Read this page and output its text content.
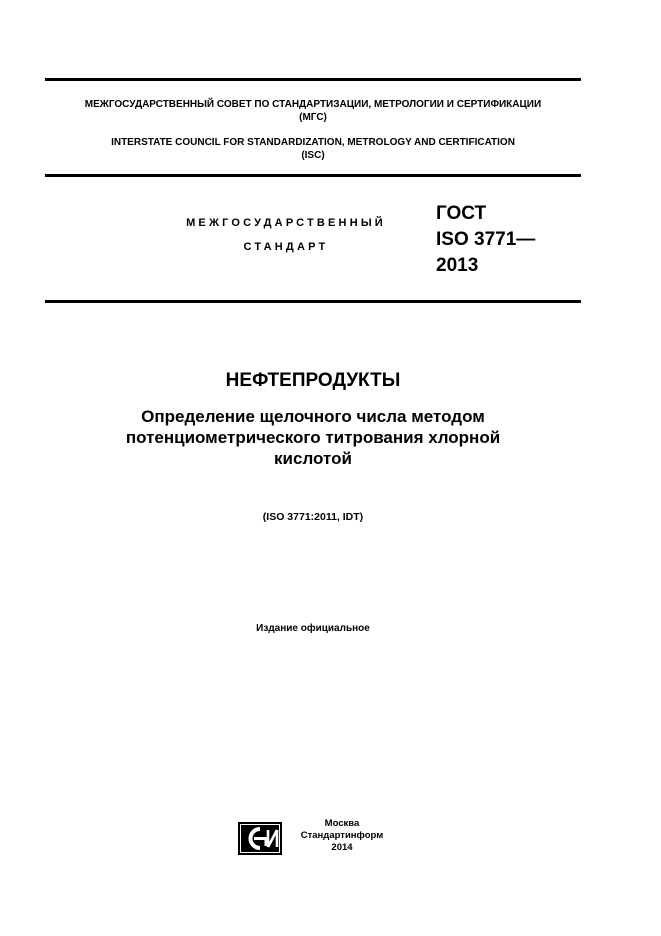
МЕЖГОСУДАРСТВЕННЫЙ СОВЕТ ПО СТАНДАРТИЗАЦИИ, МЕТРОЛОГИИ И СЕРТИФИКАЦИИ
(МГС)
INTERSTATE COUNCIL FOR STANDARDIZATION, METROLOGY AND CERTIFICATION
(ISC)
МЕЖГОСУДАРСТВЕННЫЙ
СТАНДАРТ
ГОСТ
ISO 3771—
2013
НЕФТЕПРОДУКТЫ
Определение щелочного числа методом
потенциометрического титрования хлорной
кислотой
(ISO 3771:2011, IDT)
Издание официальное
Москва
Стандартинформ
2014
